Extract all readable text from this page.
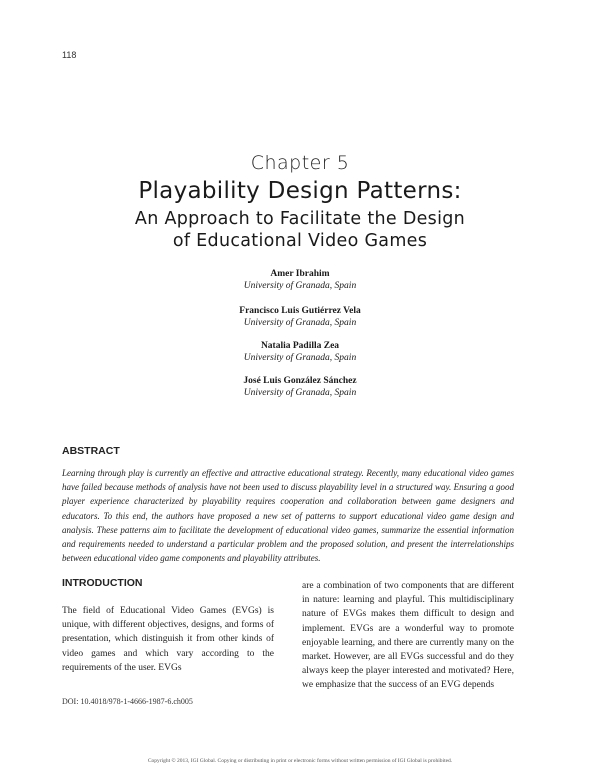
118
Chapter 5
Playability Design Patterns:
An Approach to Facilitate the Design
of Educational Video Games
Amer Ibrahim
University of Granada, Spain
Francisco Luis Gutiérrez Vela
University of Granada, Spain
Natalia Padilla Zea
University of Granada, Spain
José Luis González Sánchez
University of Granada, Spain
ABSTRACT
Learning through play is currently an effective and attractive educational strategy. Recently, many educational video games have failed because methods of analysis have not been used to discuss playability level in a structured way. Ensuring a good player experience characterized by playability requires cooperation and collaboration between game designers and educators. To this end, the authors have proposed a new set of patterns to support educational video game design and analysis. These patterns aim to facilitate the development of educational video games, summarize the essential information and requirements needed to understand a particular problem and the proposed solution, and present the interrelationships between educational video game components and playability attributes.
INTRODUCTION
The field of Educational Video Games (EVGs) is unique, with different objectives, designs, and forms of presentation, which distinguish it from other kinds of video games and which vary according to the requirements of the user. EVGs
are a combination of two components that are different in nature: learning and playful. This multidisciplinary nature of EVGs makes them difficult to design and implement. EVGs are a wonderful way to promote enjoyable learning, and there are currently many on the market. However, are all EVGs successful and do they always keep the player interested and motivated? Here, we emphasize that the success of an EVG depends
DOI: 10.4018/978-1-4666-1987-6.ch005
Copyright © 2013, IGI Global. Copying or distributing in print or electronic forms without written permission of IGI Global is prohibited.
